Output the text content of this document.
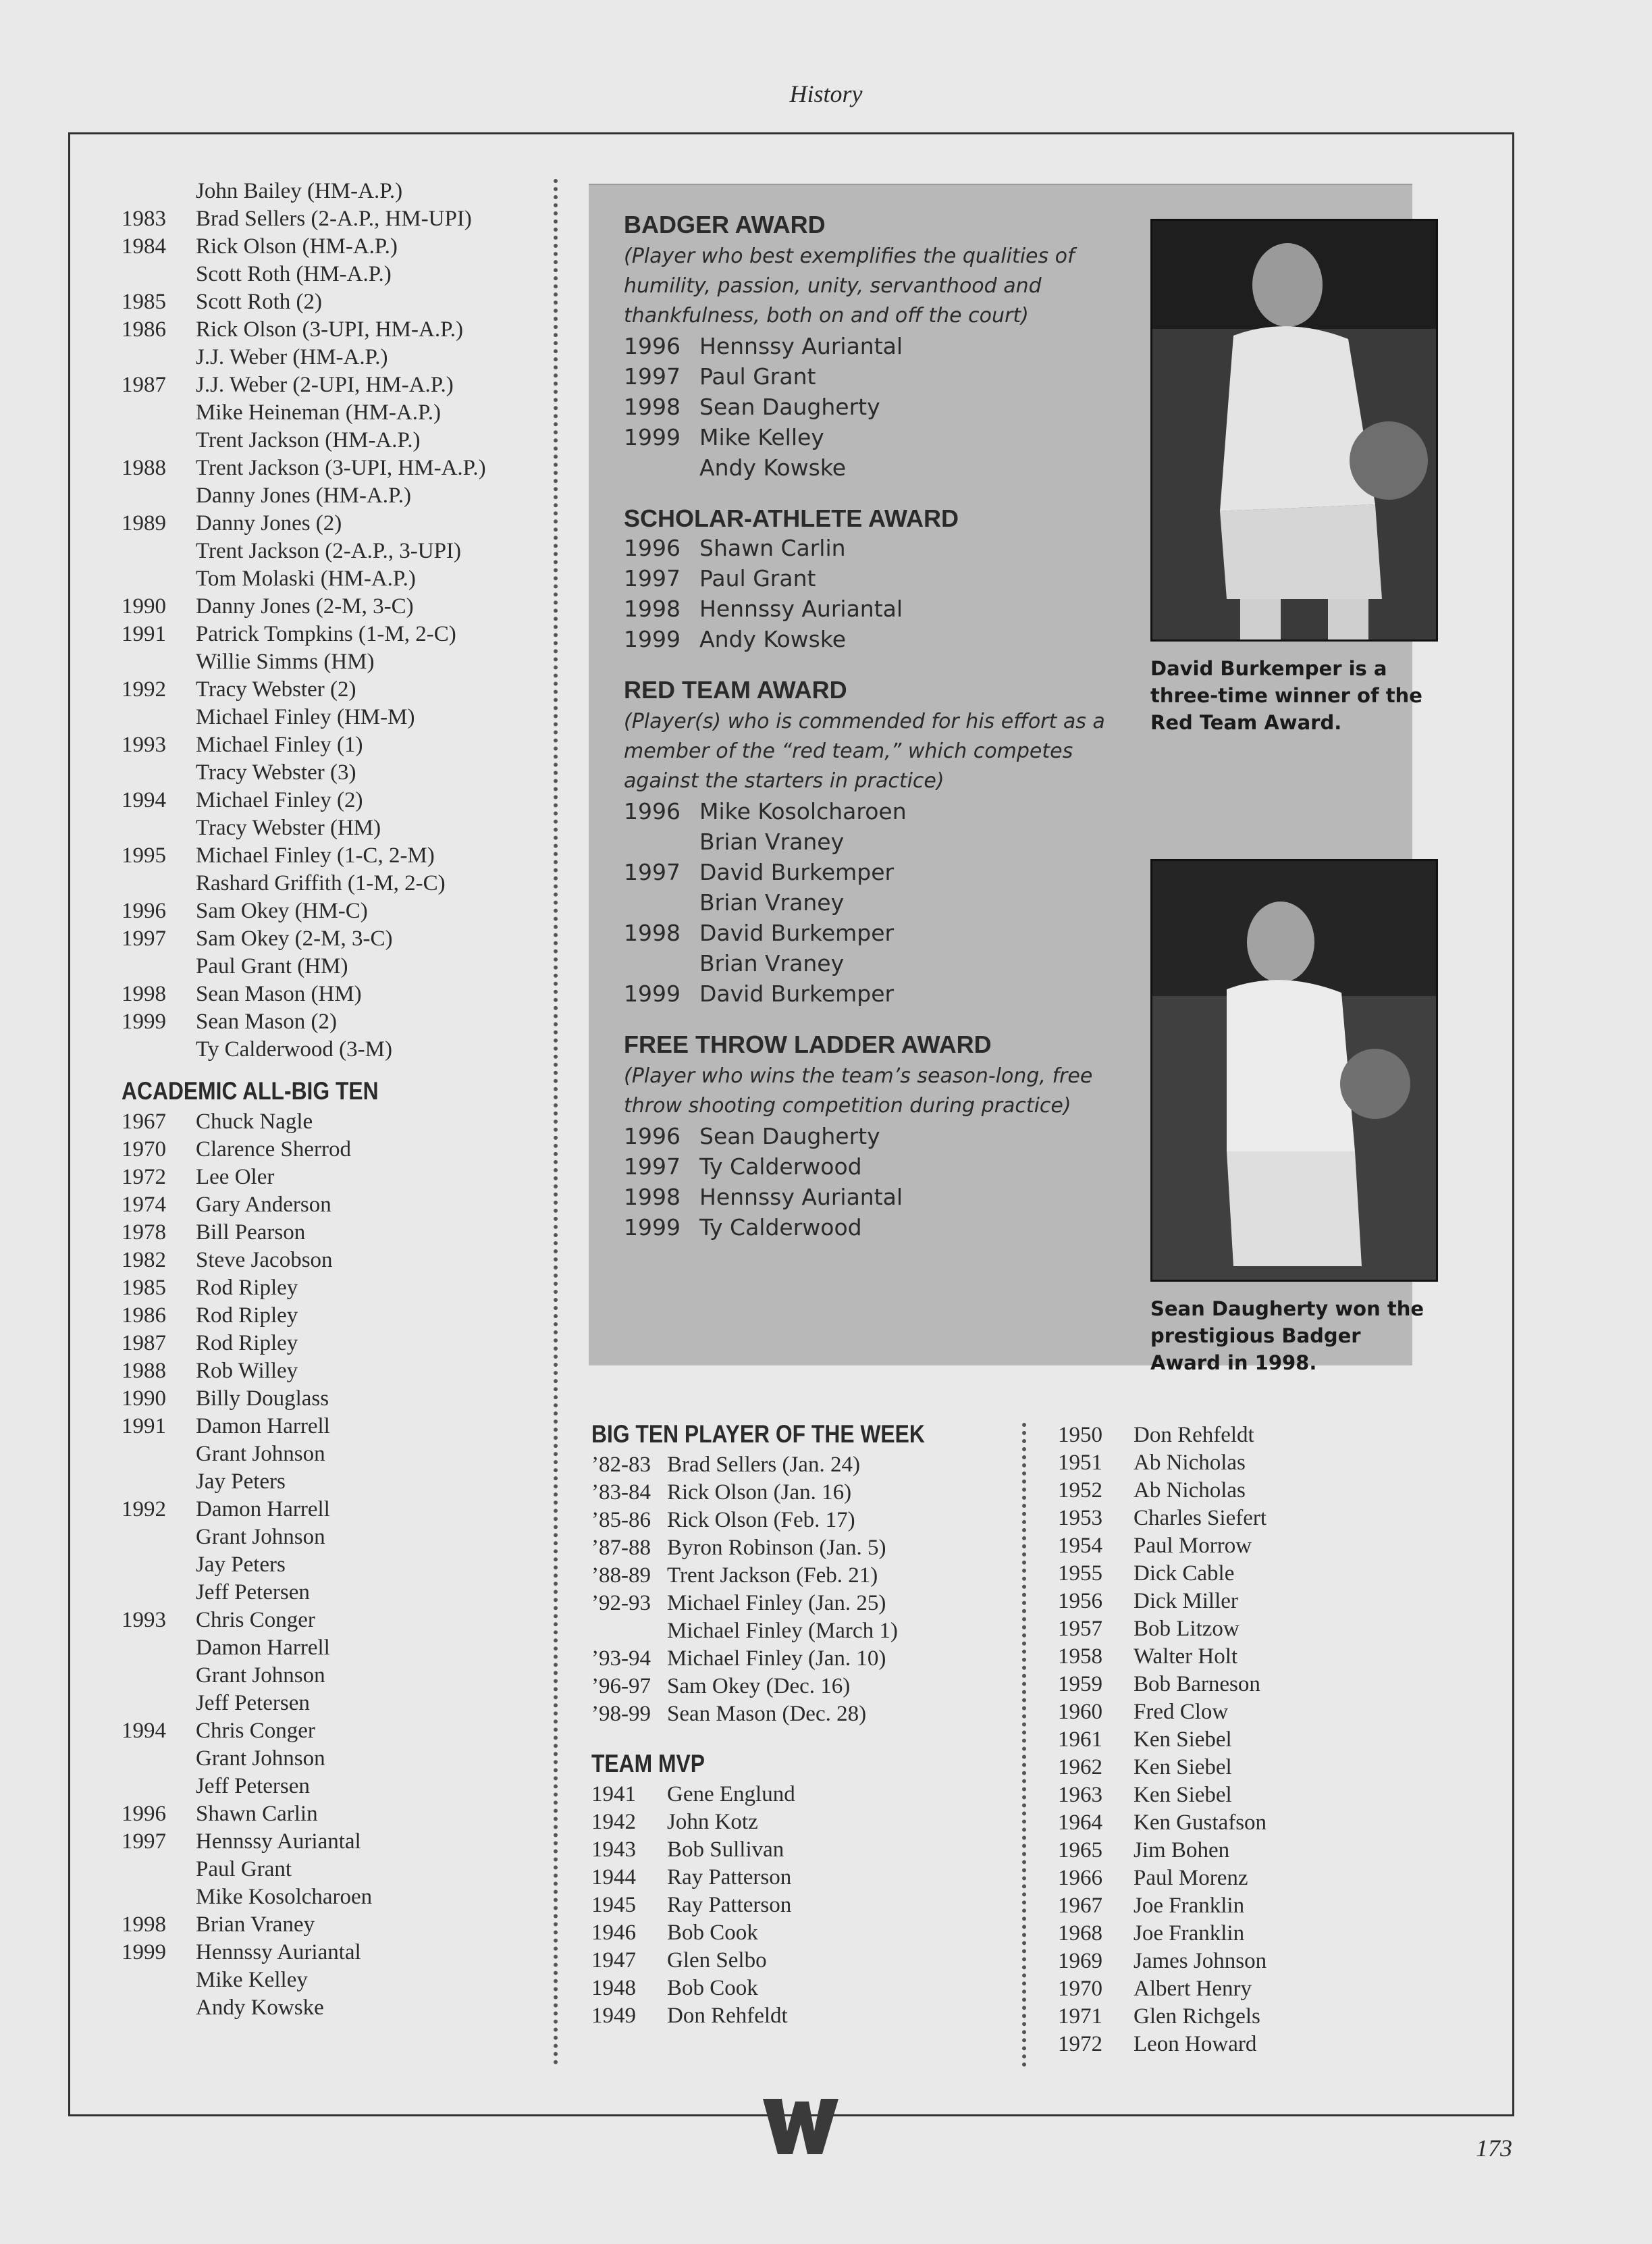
History
John Bailey (HM-A.P.)
1983	Brad Sellers (2-A.P., HM-UPI)
1984	Rick Olson (HM-A.P.)
Scott Roth (HM-A.P.)
1985	Scott Roth (2)
1986	Rick Olson (3-UPI, HM-A.P.)
J.J. Weber (HM-A.P.)
1987	J.J. Weber (2-UPI, HM-A.P.)
Mike Heineman (HM-A.P.)
Trent Jackson (HM-A.P.)
1988	Trent Jackson (3-UPI, HM-A.P.)
Danny Jones (HM-A.P.)
1989	Danny Jones (2)
Trent Jackson (2-A.P., 3-UPI)
Tom Molaski (HM-A.P.)
1990	Danny Jones (2-M, 3-C)
1991	Patrick Tompkins (1-M, 2-C)
Willie Simms (HM)
1992	Tracy Webster (2)
Michael Finley (HM-M)
1993	Michael Finley (1)
Tracy Webster (3)
1994	Michael Finley (2)
Tracy Webster (HM)
1995	Michael Finley (1-C, 2-M)
Rashard Griffith (1-M, 2-C)
1996	Sam Okey (HM-C)
1997	Sam Okey (2-M, 3-C)
Paul Grant (HM)
1998	Sean Mason (HM)
1999	Sean Mason (2)
Ty Calderwood (3-M)
ACADEMIC ALL-BIG TEN
1967	Chuck Nagle
1970	Clarence Sherrod
1972	Lee Oler
1974	Gary Anderson
1978	Bill Pearson
1982	Steve Jacobson
1985	Rod Ripley
1986	Rod Ripley
1987	Rod Ripley
1988	Rob Willey
1990	Billy Douglass
1991	Damon Harrell
Grant Johnson
Jay Peters
1992	Damon Harrell
Grant Johnson
Jay Peters
Jeff Petersen
1993	Chris Conger
Damon Harrell
Grant Johnson
Jeff Petersen
1994	Chris Conger
Grant Johnson
Jeff Petersen
1996	Shawn Carlin
1997	Hennssy Auriantal
Paul Grant
Mike Kosolcharoen
1998	Brian Vraney
1999	Hennssy Auriantal
Mike Kelley
Andy Kowske
BADGER AWARD
(Player who best exemplifies the qualities of humility, passion, unity, servanthood and thankfulness, both on and off the court)
1996 Hennssy Auriantal
1997 Paul Grant
1998 Sean Daugherty
1999 Mike Kelley
Andy Kowske
SCHOLAR-ATHLETE AWARD
1996 Shawn Carlin
1997 Paul Grant
1998 Hennssy Auriantal
1999 Andy Kowske
RED TEAM AWARD
(Player(s) who is commended for his effort as a member of the “red team,” which competes against the starters in practice)
1996 Mike Kosolcharoen
Brian Vraney
1997 David Burkemper
Brian Vraney
1998 David Burkemper
Brian Vraney
1999 David Burkemper
FREE THROW LADDER AWARD
(Player who wins the team’s season-long, free throw shooting competition during practice)
1996 Sean Daugherty
1997 Ty Calderwood
1998 Hennssy Auriantal
1999 Ty Calderwood
David Burkemper is a three-time winner of the Red Team Award.
Sean Daugherty won the prestigious Badger Award in 1998.
BIG TEN PLAYER OF THE WEEK
’82-83 Brad Sellers (Jan. 24)
’83-84 Rick Olson (Jan. 16)
’85-86 Rick Olson (Feb. 17)
’87-88 Byron Robinson (Jan. 5)
’88-89 Trent Jackson (Feb. 21)
’92-93 Michael Finley (Jan. 25)
Michael Finley (March 1)
’93-94 Michael Finley (Jan. 10)
’96-97 Sam Okey (Dec. 16)
’98-99 Sean Mason (Dec. 28)
TEAM MVP
1941	Gene Englund
1942	John Kotz
1943	Bob Sullivan
1944	Ray Patterson
1945	Ray Patterson
1946	Bob Cook
1947	Glen Selbo
1948	Bob Cook
1949	Don Rehfeldt
1950	Don Rehfeldt
1951	Ab Nicholas
1952	Ab Nicholas
1953	Charles Siefert
1954	Paul Morrow
1955	Dick Cable
1956	Dick Miller
1957	Bob Litzow
1958	Walter Holt
1959	Bob Barneson
1960	Fred Clow
1961	Ken Siebel
1962	Ken Siebel
1963	Ken Siebel
1964	Ken Gustafson
1965	Jim Bohen
1966	Paul Morenz
1967	Joe Franklin
1968	Joe Franklin
1969	James Johnson
1970	Albert Henry
1971	Glen Richgels
1972	Leon Howard
173
